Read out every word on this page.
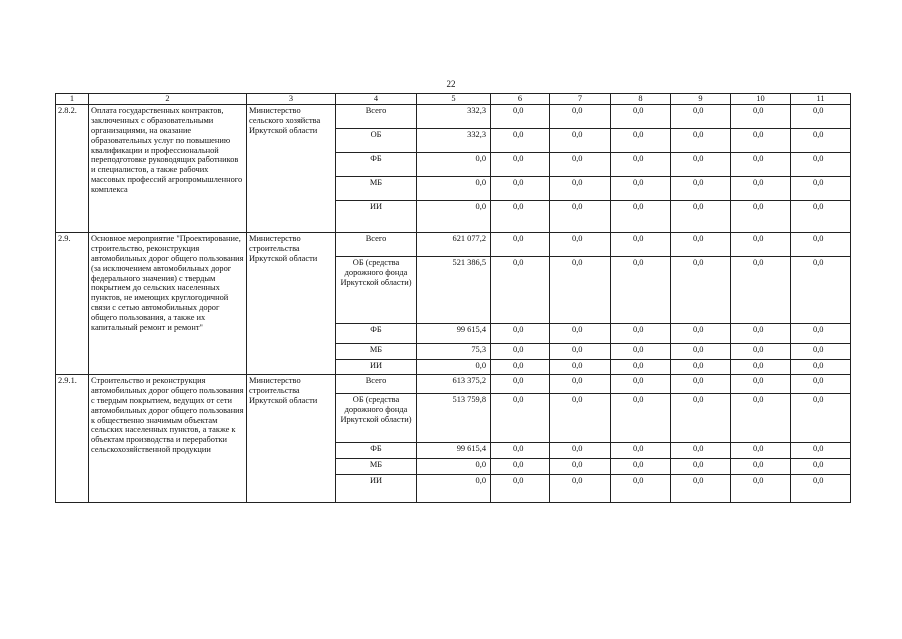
22
1	2	3	4	5	6	7	8	9	10	11
2.8.2.	Оплата государственных контрактов, заключенных с образовательными организациями, на оказание образовательных услуг по повышению квалификации и профессиональной переподготовке руководящих работников и специалистов, а также рабочих массовых профессий агропромышленного комплекса	Министерство сельского хозяйства Иркутской области	Всего	332,3	0,0	0,0	0,0	0,0	0,0	0,0
			ОБ	332,3	0,0	0,0	0,0	0,0	0,0	0,0
			ФБ	0,0	0,0	0,0	0,0	0,0	0,0	0,0
			МБ	0,0	0,0	0,0	0,0	0,0	0,0	0,0
			ИИ	0,0	0,0	0,0	0,0	0,0	0,0	0,0
2.9.	Основное мероприятие "Проектирование, строительство, реконструкция автомобильных дорог общего пользования (за исключением автомобильных дорог федерального значения) с твердым покрытием до сельских населенных пунктов, не имеющих круглогодичной связи с сетью автомобильных дорог общего пользования, а также их капитальный ремонт и ремонт"	Министерство строительства Иркутской области	Всего	621 077,2	0,0	0,0	0,0	0,0	0,0	0,0
			ОБ (средства дорожного фонда Иркутской области)	521 386,5	0,0	0,0	0,0	0,0	0,0	0,0
			ФБ	99 615,4	0,0	0,0	0,0	0,0	0,0	0,0
			МБ	75,3	0,0	0,0	0,0	0,0	0,0	0,0
			ИИ	0,0	0,0	0,0	0,0	0,0	0,0	0,0
2.9.1.	Строительство и реконструкция автомобильных дорог общего пользования с твердым покрытием, ведущих от сети автомобильных дорог общего пользования к общественно значимым объектам сельских населенных пунктов, а также к объектам производства и переработки сельскохозяйственной продукции	Министерство строительства Иркутской области	Всего	613 375,2	0,0	0,0	0,0	0,0	0,0	0,0
			ОБ (средства дорожного фонда Иркутской области)	513 759,8	0,0	0,0	0,0	0,0	0,0	0,0
			ФБ	99 615,4	0,0	0,0	0,0	0,0	0,0	0,0
			МБ	0,0	0,0	0,0	0,0	0,0	0,0	0,0
			ИИ	0,0	0,0	0,0	0,0	0,0	0,0	0,0
